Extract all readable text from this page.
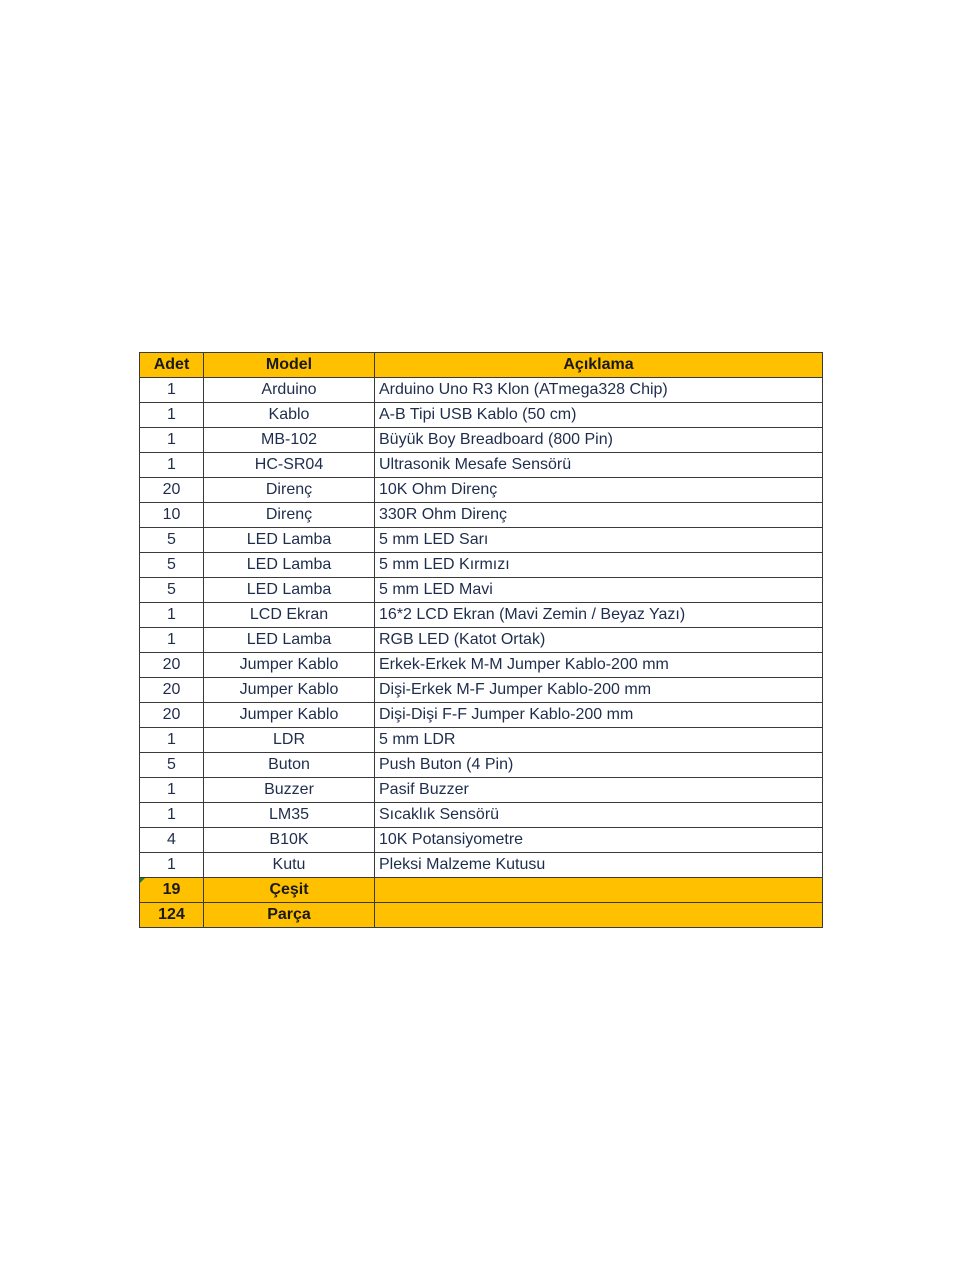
Adet	Model	Açıklama
1	Arduino	Arduino Uno R3 Klon (ATmega328 Chip)
1	Kablo	A-B Tipi USB Kablo (50 cm)
1	MB-102	Büyük Boy Breadboard (800 Pin)
1	HC-SR04	Ultrasonik Mesafe Sensörü
20	Direnç	10K Ohm Direnç
10	Direnç	330R Ohm Direnç
5	LED Lamba	5 mm LED Sarı
5	LED Lamba	5 mm LED Kırmızı
5	LED Lamba	5 mm LED Mavi
1	LCD Ekran	16*2 LCD Ekran (Mavi Zemin / Beyaz Yazı)
1	LED Lamba	RGB LED (Katot Ortak)
20	Jumper Kablo	Erkek-Erkek M-M Jumper Kablo-200 mm
20	Jumper Kablo	Dişi-Erkek M-F Jumper Kablo-200 mm
20	Jumper Kablo	Dişi-Dişi F-F Jumper Kablo-200 mm
1	LDR	5 mm LDR
5	Buton	Push Buton (4 Pin)
1	Buzzer	Pasif Buzzer
1	LM35	Sıcaklık Sensörü
4	B10K	10K Potansiyometre
1	Kutu	Pleksi Malzeme Kutusu
19	Çeşit	
124	Parça	
